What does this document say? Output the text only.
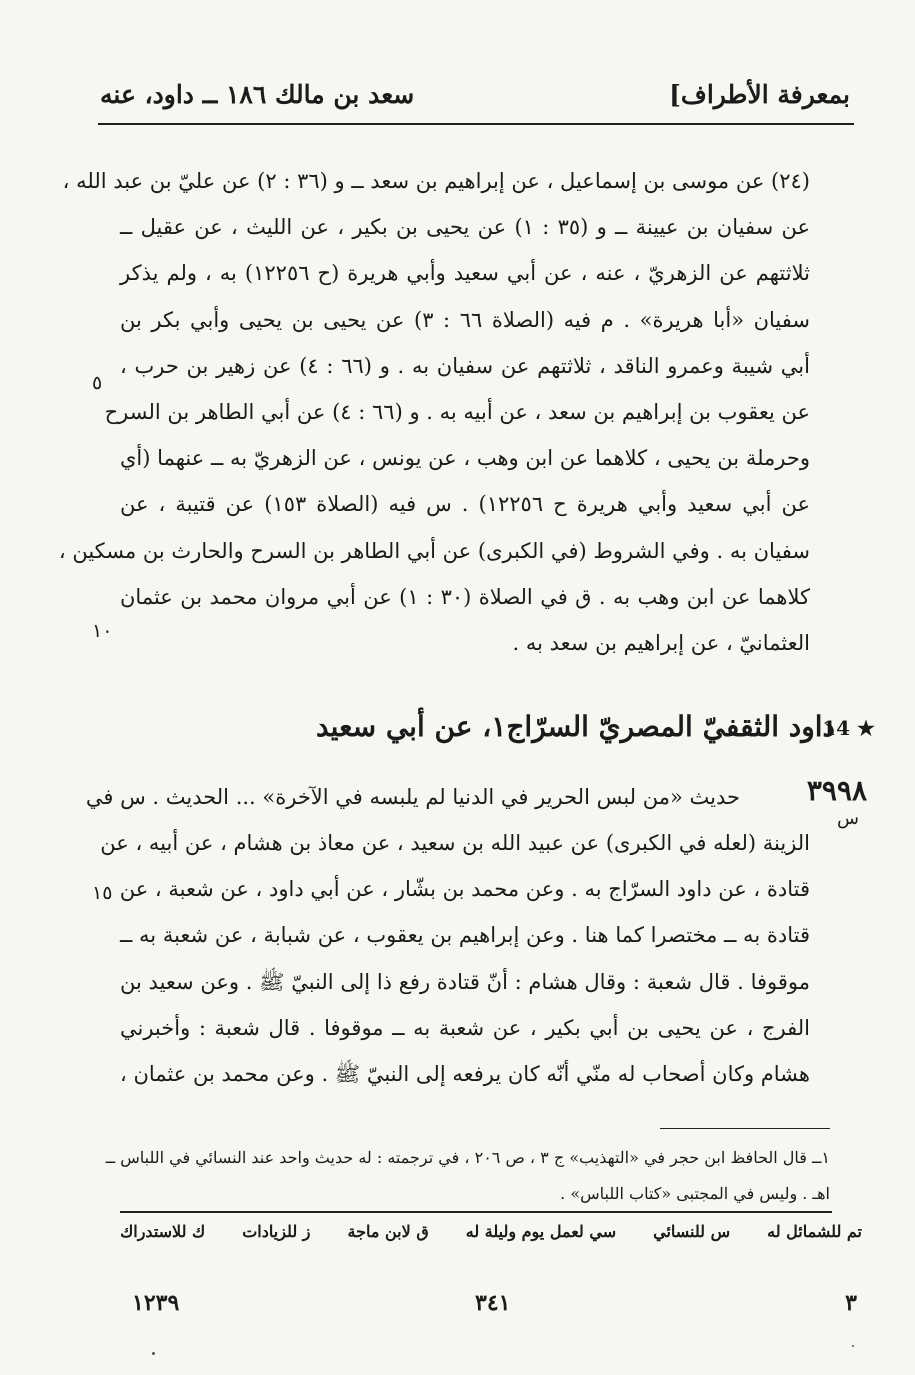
بمعرفة الأطراف]
سعد بن مالك ١٨٦ ــ داود، عنه
(٢٤) عن موسى بن إسماعيل ، عن إبراهيم بن سعد ــ و (٣٦ : ٢) عن عليّ بن عبد الله ،
عن سفيان بن عيينة ــ و (٣٥ : ١) عن يحيى بن بكير ، عن الليث ، عن عقيل ــ
ثلاثتهم عن الزهريّ ، عنه ، عن أبي سعيد وأبي هريرة (ح ١٢٢٥٦) به ، ولم يذكر
سفيان «أبا هريرة» . م فيه (الصلاة ٦٦ : ٣) عن يحيى بن يحيى وأبي بكر بن
أبي شيبة وعمرو الناقد ، ثلاثتهم عن سفيان به . و (٦٦ : ٤) عن زهير بن حرب ،
عن يعقوب بن إبراهيم بن سعد ، عن أبيه به . و (٦٦ : ٤) عن أبي الطاهر بن السرح
وحرملة بن يحيى ، كلاهما عن ابن وهب ، عن يونس ، عن الزهريّ به ــ عنهما (أي
عن أبي سعيد وأبي هريرة ح ١٢٢٥٦) . س فيه (الصلاة ١٥٣) عن قتيبة ، عن
سفيان به . وفي الشروط (في الكبرى) عن أبي الطاهر بن السرح والحارث بن مسكين ،
كلاهما عن ابن وهب به . ق في الصلاة (٣٠ : ١) عن أبي مروان محمد بن عثمان
العثمانيّ ، عن إبراهيم بن سعد به .
٥
١٠
١٥
14 ★
داود الثقفيّ المصريّ السرّاج١، عن أبي سعيد
٣٩٩٨
س
حديث «من لبس الحرير في الدنيا لم يلبسه في الآخرة» ... الحديث . س في
الزينة (لعله في الكبرى) عن عبيد الله بن سعيد ، عن معاذ بن هشام ، عن أبيه ، عن
قتادة ، عن داود السرّاج به . وعن محمد بن بشّار ، عن أبي داود ، عن شعبة ، عن
قتادة به ــ مختصرا كما هنا . وعن إبراهيم بن يعقوب ، عن شبابة ، عن شعبة به ــ
موقوفا . قال شعبة : وقال هشام : أنّ قتادة رفع ذا إلى النبيّ ﷺ . وعن سعيد بن
الفرج ، عن يحيى بن أبي بكير ، عن شعبة به ــ موقوفا . قال شعبة : وأخبرني
هشام وكان أصحاب له منّي أنّه كان يرفعه إلى النبيّ ﷺ . وعن محمد بن عثمان ،
١ــ قال الحافظ ابن حجر في «التهذيب» ج ٣ ، ص ٢٠٦ ، في ترجمته : له حديث واحد عند النسائي في اللباس ــ
اهـ . وليس في المجتبى «كتاب اللباس» .
تم للشمائل له
س للنسائي
سي لعمل يوم وليلة له
ق لابن ماجة
ز للزيادات
ك للاستدراك
٣
٣٤١
١٢٣٩
